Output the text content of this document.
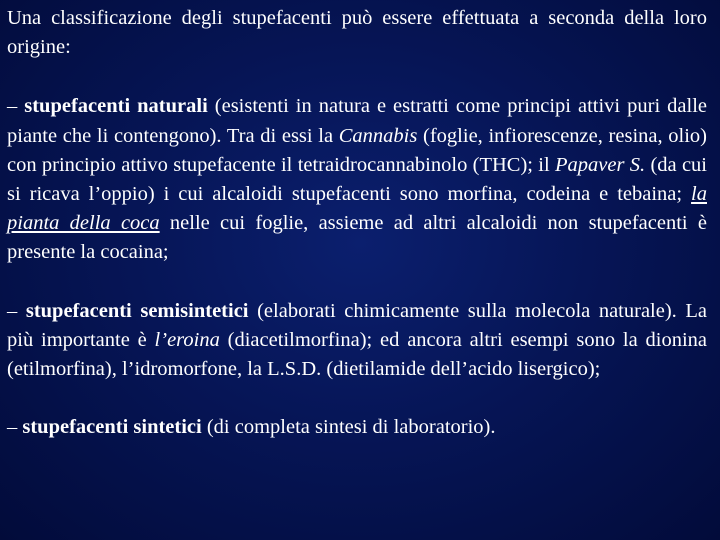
Una classificazione degli stupefacenti può essere effettuata a seconda della loro origine:

– stupefacenti naturali (esistenti in natura e estratti come principi attivi puri dalle piante che li contengono). Tra di essi la Cannabis (foglie, infiorescenze, resina, olio) con principio attivo stupefacente il tetraidrocannabinolo (THC); il Papaver S. (da cui si ricava l’oppio) i cui alcaloidi stupefacenti sono morfina, codeina e tebaina; la pianta della coca nelle cui foglie, assieme ad altri alcaloidi non stupefacenti è presente la cocaina;

– stupefacenti semisintetici (elaborati chimicamente sulla molecola naturale). La più importante è l’eroina (diacetilmorfina); ed ancora altri esempi sono la dionina (etilmorfina), l’idromorfone, la L.S.D. (dietilamide dell’acido lisergico);

– stupefacenti sintetici (di completa sintesi di laboratorio).
